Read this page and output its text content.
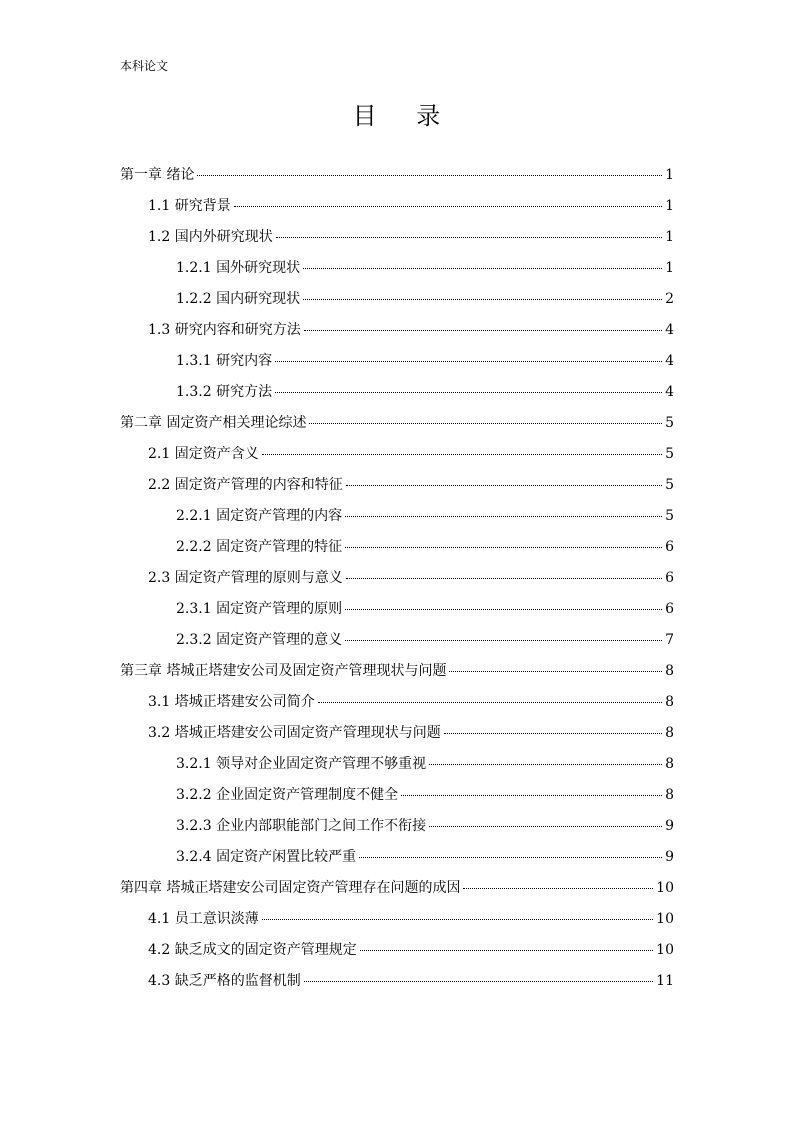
本科论文
目 录
第一章 绪论	1
1.1 研究背景	1
1.2 国内外研究现状	1
1.2.1 国外研究现状	1
1.2.2 国内研究现状	2
1.3 研究内容和研究方法	4
1.3.1 研究内容	4
1.3.2 研究方法	4
第二章 固定资产相关理论综述	5
2.1 固定资产含义	5
2.2 固定资产管理的内容和特征	5
2.2.1 固定资产管理的内容	5
2.2.2 固定资产管理的特征	6
2.3 固定资产管理的原则与意义	6
2.3.1 固定资产管理的原则	6
2.3.2 固定资产管理的意义	7
第三章 塔城正塔建安公司及固定资产管理现状与问题	8
3.1 塔城正塔建安公司简介	8
3.2 塔城正塔建安公司固定资产管理现状与问题	8
3.2.1 领导对企业固定资产管理不够重视	8
3.2.2 企业固定资产管理制度不健全	8
3.2.3 企业内部职能部门之间工作不衔接	9
3.2.4 固定资产闲置比较严重	9
第四章 塔城正塔建安公司固定资产管理存在问题的成因	10
4.1 员工意识淡薄	10
4.2 缺乏成文的固定资产管理规定	10
4.3 缺乏严格的监督机制	11
